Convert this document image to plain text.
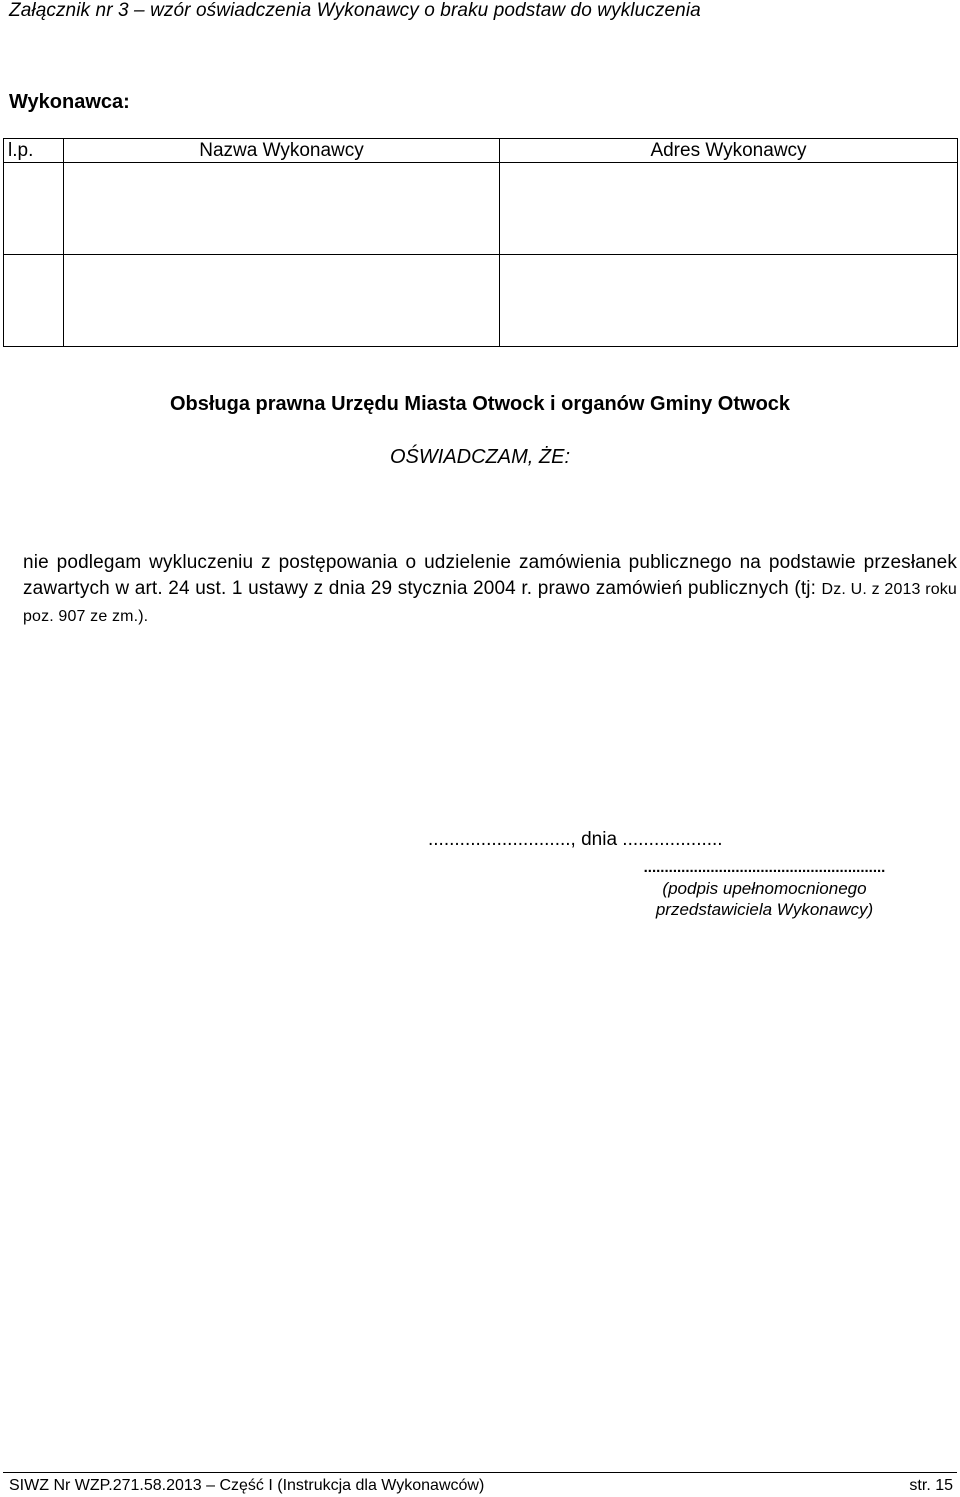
Załącznik nr 3 – wzór oświadczenia Wykonawcy o braku podstaw do wykluczenia
Wykonawca:
l.p.	Nazwa Wykonawcy	Adres Wykonawcy

Obsługa prawna Urzędu Miasta Otwock i organów Gminy Otwock
OŚWIADCZAM, ŻE:
nie podlegam wykluczeniu z postępowania o udzielenie zamówienia publicznego na podstawie przesłanek zawartych w art. 24 ust. 1 ustawy z dnia 29 stycznia 2004 r. prawo zamówień publicznych (tj: Dz. U. z 2013 roku poz. 907 ze zm.).
..........................., dnia ...................
..........................................................
(podpis upełnomocnionego
przedstawiciela Wykonawcy)
SIWZ Nr WZP.271.58.2013 – Część I (Instrukcja dla Wykonawców)	str. 15
